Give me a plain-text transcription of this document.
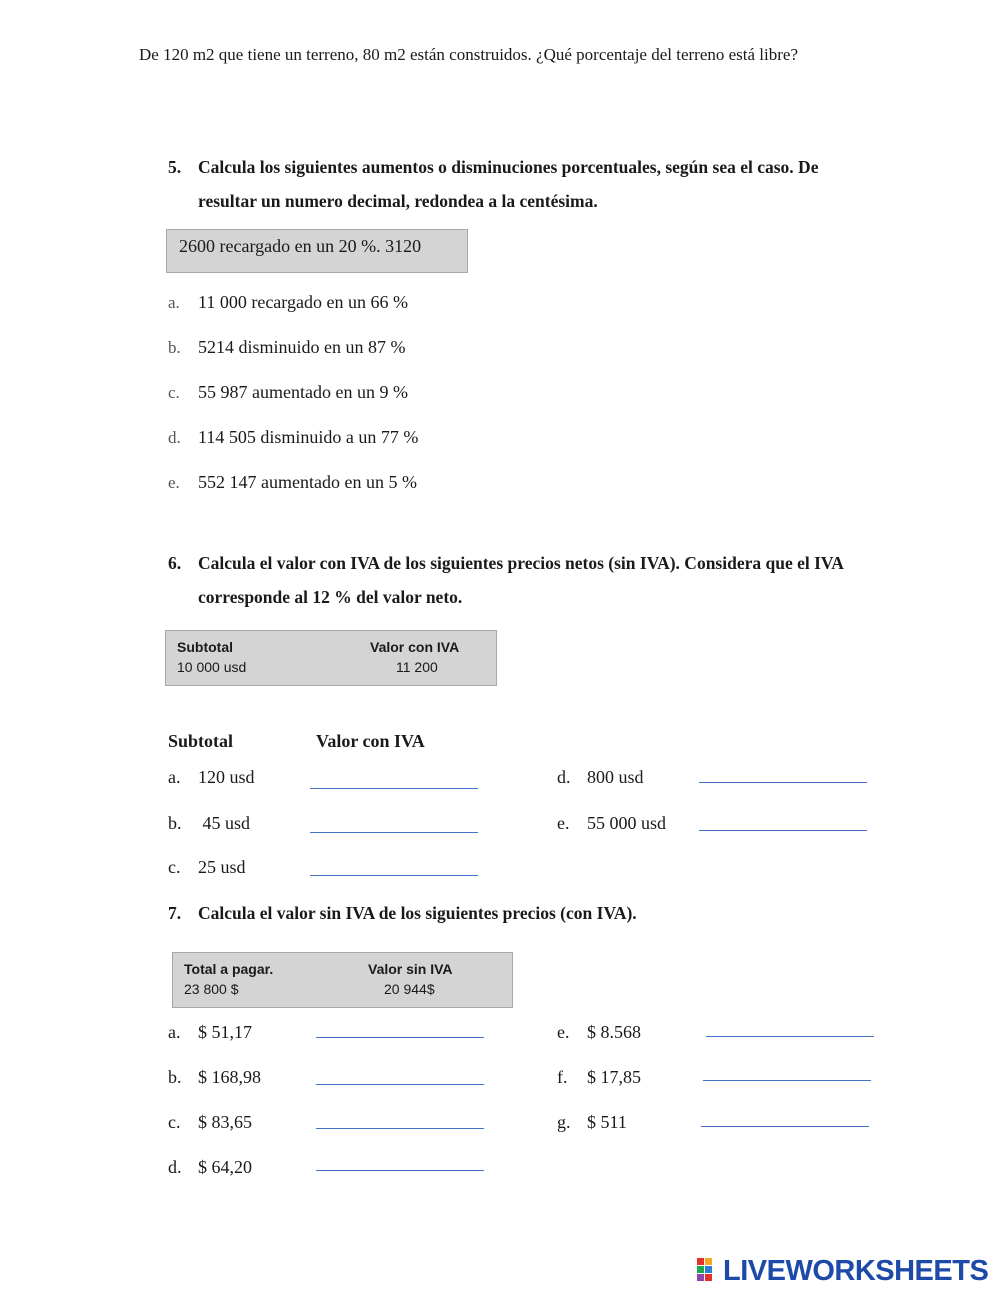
De 120 m2 que tiene un terreno, 80 m2 están construidos. ¿Qué porcentaje del terreno está libre?
5. Calcula los siguientes aumentos o disminuciones porcentuales, según sea el caso. De resultar un numero decimal, redondea a la centésima.
2600 recargado en un 20 %. 3120
a. 11 000 recargado en un 66 %
b. 5214 disminuido en un 87 %
c. 55 987 aumentado en un 9 %
d. 114 505 disminuido a un 77 %
e. 552 147 aumentado en un 5 %
6. Calcula el valor con IVA de los siguientes precios netos (sin IVA). Considera que el IVA corresponde al 12 % del valor neto.
Subtotal	Valor con IVA
10 000 usd	11 200
Subtotal	Valor con IVA
a. 120 usd
b. 45 usd
c. 25 usd
d. 800 usd
e. 55 000 usd
7. Calcula el valor sin IVA de los siguientes precios (con IVA).
Total a pagar.	Valor sin IVA
23 800 $	20 944$
a. $ 51,17
b. $ 168,98
c. $ 83,65
d. $ 64,20
e. $ 8.568
f. $ 17,85
g. $ 511
LIVEWORKSHEETS
